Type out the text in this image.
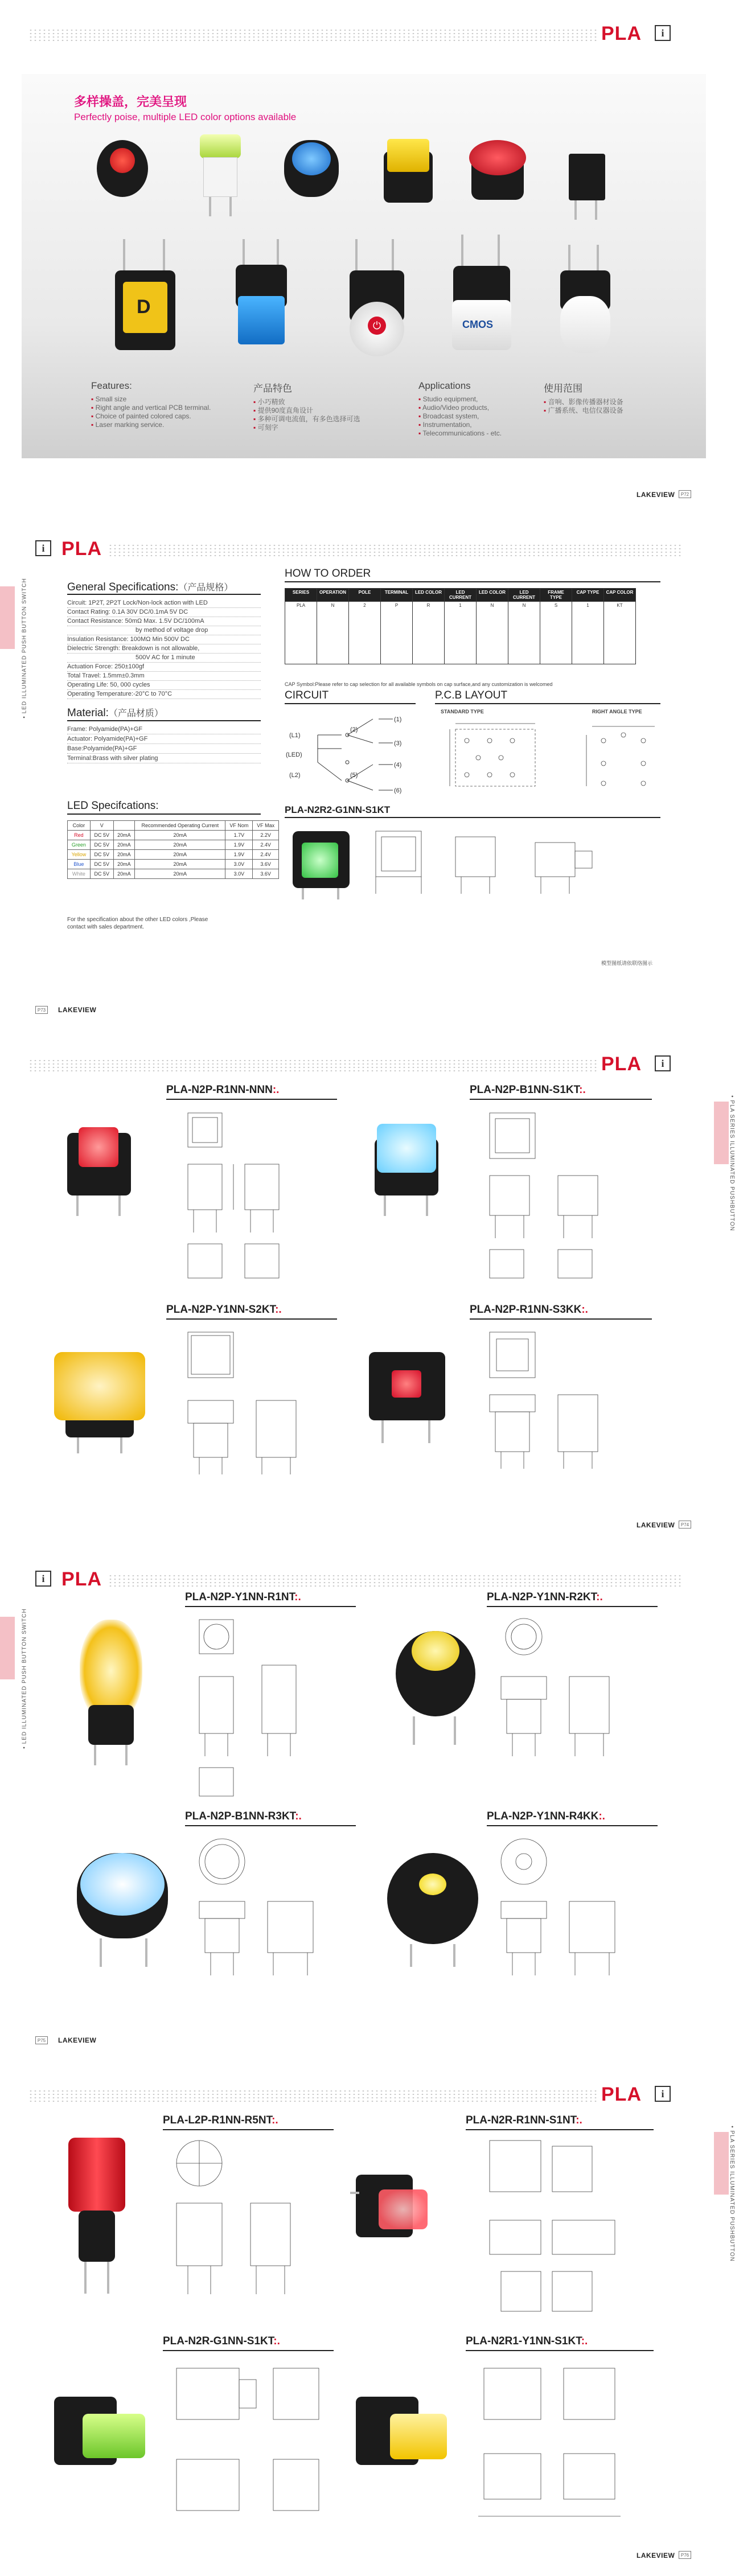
PLA	i
多样操盖，完美呈现
Perfectly poise, multiple LED color options available
D
⏻	CMOS
Features:
▪ Small size
▪ Right angle and vertical PCB terminal.
▪ Choice of painted colored caps.
▪ Laser marking service.
产品特色
▪ 小巧精致
▪ 提供90度直角设计
▪ 多种可调电流值，有多色选择可选
▪ 可刻字
Applications
▪ Studio equipment,
▪ Audio/Video products,
▪ Broadcast system,
▪ Instrumentation,
▪ Telecommunications - etc.
使用范围
▪ 音响、影像传播器材设备
▪ 广播系统、电信仪器设备
LAKEVIEW	P72
i PLA
• LED ILLUMINATED PUSH BUTTON SWITCH	General Specifications:（产品规格）
Circuit: 1P2T, 2P2T Lock/Non-lock action with LED
Contact Rating: 0.1A 30V DC/0.1mA 5V DC
Contact Resistance: 50mΩ Max. 1.5V DC/100mA
by method of voltage drop
Insulation Resistance: 100MΩ Min 500V DC
Dielectric Strength: Breakdown is not allowable,
500V AC for 1 minute
Actuation Force: 250±100gf
Total Travel: 1.5mm±0.3mm
Operating Life: 50, 000 cycles
Operating Temperature:-20°C to 70°C
Material:（产品材质）
Frame: Polyamide(PA)+GF
Actuator: Polyamide(PA)+GF
Base:Polyamide(PA)+GF
Terminal:Brass with silver plating
LED Specifcations:
Color	V		Recommended Operating Current	VF Nom	VF Max
Red	DC 5V	20mA	20mA	1.7V	2.2V
Green	DC 5V	20mA	20mA	1.9V	2.4V
Yellow	DC 5V	20mA	20mA	1.9V	2.4V
Blue	DC 5V	20mA	20mA	3.0V	3.6V
White	DC 5V	20mA	20mA	3.0V	3.6V
For the specification about the other LED colors ,Please
contact with sales department.
HOW TO ORDER
SERIES	OPERATION	POLE	TERMINAL	LED COLOR	LED CURRENT	LED COLOR	LED CURRENT	FRAME TYPE	CAP TYPE	CAP COLOR
PLA	N	2	P	R	1	N	N	S	1	KT
CAP Symbol:Please refer to cap selection for all available symbols on cap surface,and any customization is welcomed
CIRCUIT
(L1)
(2)
(1)
(LED)
(3)
(L2)	(5)
(4)
(6)
P.C.B LAYOUT
STANDARD TYPE	RIGHT ANGLE TYPE
PLA-N2R2-G1NN-S1KT
模型图纸请依联络图示
P73	LAKEVIEW
PLA	i
• PLA SERIES ILLUMINATED PUSHBUTTON
PLA-N2P-R1NN-NNN:.	PLA-N2P-B1NN-S1KT:.
PLA-N2P-Y1NN-S2KT:.	PLA-N2P-R1NN-S3KK:.
LAKEVIEW	P74
i PLA
• LED ILLUMINATED PUSH BUTTON SWITCH
PLA-N2P-Y1NN-R1NT:.	PLA-N2P-Y1NN-R2KT:.
PLA-N2P-B1NN-R3KT:.	PLA-N2P-Y1NN-R4KK:.
P75	LAKEVIEW
PLA	i
• PLA SERIES ILLUMINATED PUSHBUTTON
PLA-L2P-R1NN-R5NT:.	PLA-N2R-R1NN-S1NT:.
PLA-N2R-G1NN-S1KT:.	PLA-N2R1-Y1NN-S1KT:.
LAKEVIEW	P76
